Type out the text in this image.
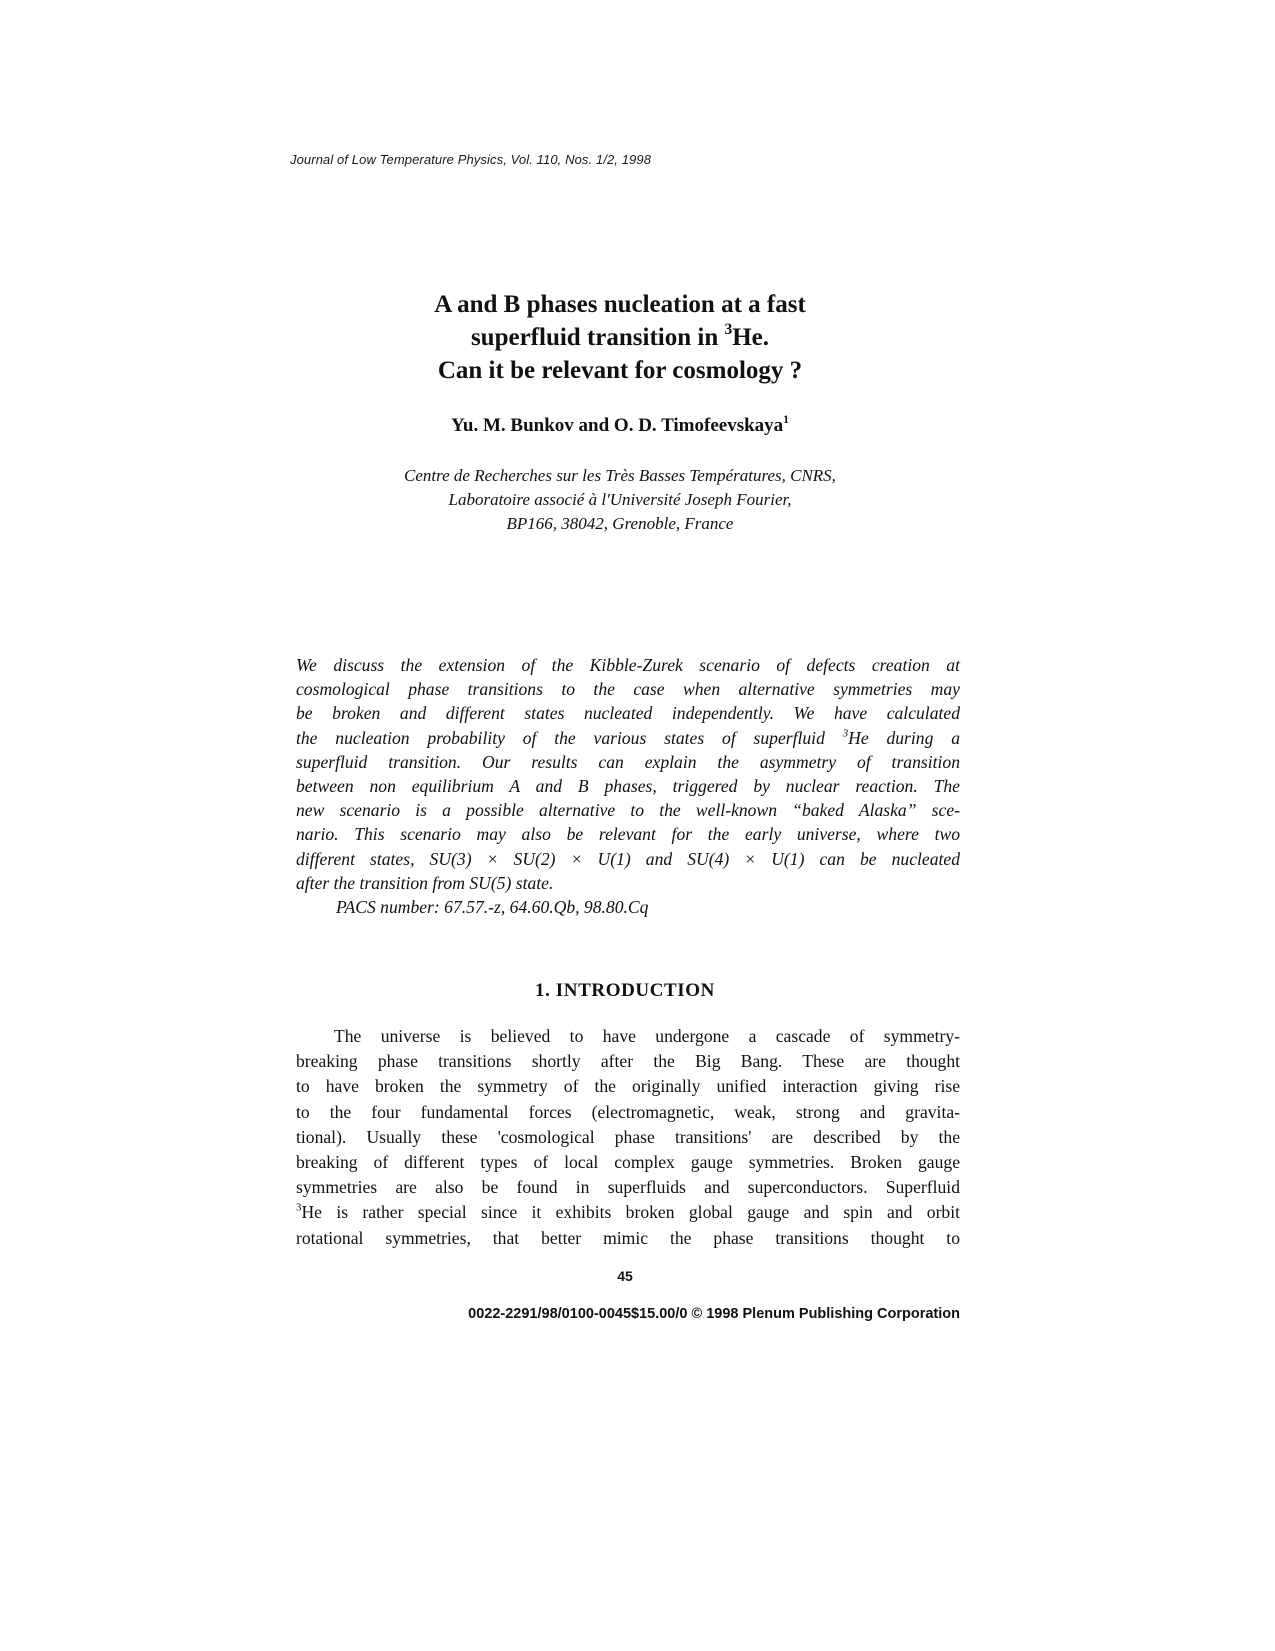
Journal of Low Temperature Physics, Vol. 110, Nos. 1/2, 1998
A and B phases nucleation at a fast
superfluid transition in $^3$He.
Can it be relevant for cosmology ?
Yu. M. Bunkov and O. D. Timofeevskaya$^1$
Centre de Recherches sur les Très Basses Températures, CNRS,
Laboratoire associé à l'Université Joseph Fourier,
BP166, 38042, Grenoble, France
We discuss the extension of the Kibble-Zurek scenario of defects creation at
cosmological phase transitions to the case when alternative symmetries may
be broken and different states nucleated independently. We have calculated
the nucleation probability of the various states of superfluid $^3$He during a
superfluid transition. Our results can explain the asymmetry of transition
between non equilibrium A and B phases, triggered by nuclear reaction. The
new scenario is a possible alternative to the well-known “baked Alaska” sce-
nario. This scenario may also be relevant for the early universe, where two
different states, SU(3) × SU(2) × U(1) and SU(4) × U(1) can be nucleated
after the transition from SU(5) state.
PACS number: 67.57.-z, 64.60.Qb, 98.80.Cq
1. INTRODUCTION
The universe is believed to have undergone a cascade of symmetry-
breaking phase transitions shortly after the Big Bang. These are thought
to have broken the symmetry of the originally unified interaction giving rise
to the four fundamental forces (electromagnetic, weak, strong and gravita-
tional). Usually these 'cosmological phase transitions' are described by the
breaking of different types of local complex gauge symmetries. Broken gauge
symmetries are also be found in superfluids and superconductors. Superfluid
$^3$He is rather special since it exhibits broken global gauge and spin and orbit
rotational symmetries, that better mimic the phase transitions thought to
45
0022-2291/98/0100-0045$15.00/0 © 1998 Plenum Publishing Corporation
